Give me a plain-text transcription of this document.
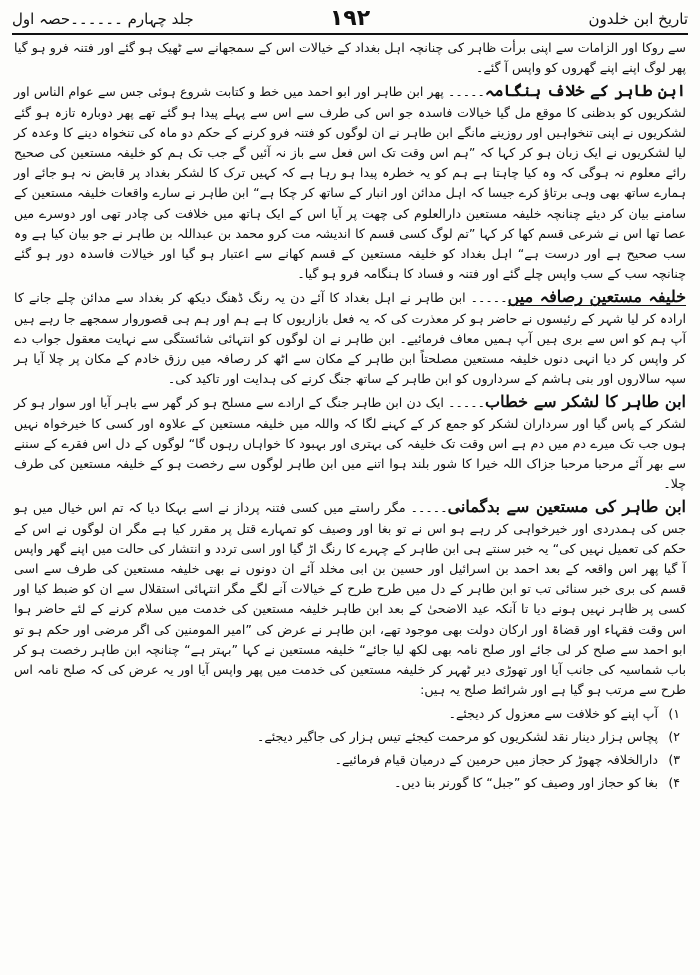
تاریخ ابن خلدون
۱۹۲
جلد چہارم ۔۔۔۔۔۔حصہ اول

سے روکا اور الزامات سے اپنی برأت ظاہر کی چنانچہ اہل بغداد کے خیالات اس کے سمجھانے سے ٹھیک ہو گئے اور فتنہ فرو ہو گیا پھر لوگ اپنے اپنے گھروں کو واپس آ گئے۔

ابن طاہر کے خلاف ہنگامہ۔۔۔۔۔ پھر ابن طاہر اور ابو احمد میں خط و کتابت شروع ہوئی جس سے عوام الناس اور لشکریوں کو بدظنی کا موقع مل گیا خیالات فاسدہ جو اس کی طرف سے اس سے پہلے پیدا ہو گئے تھے پھر دوبارہ تازہ ہو گئے لشکریوں نے اپنی تنخواہیں اور روزینے مانگے ابن طاہر نے ان لوگوں کو فتنہ فرو کرنے کے حکم دو ماہ کی تنخواہ دینے کا وعدہ کر لیا لشکریوں نے ایک زبان ہو کر کہا کہ ”ہم اس وقت تک اس فعل سے باز نہ آئیں گے جب تک ہم کو خلیفہ مستعین کی صحیح رائے معلوم نہ ہوگی کہ وہ کیا چاہتا ہے ہم کو یہ خطرہ پیدا ہو رہا ہے کہ کہیں ترک کا لشکر بغداد پر قابض نہ ہو جائے اور ہمارے ساتھ بھی وہی برتاؤ کرے جیسا کہ اہل مدائن اور انبار کے ساتھ کر چکا ہے“ ابن طاہر نے سارے واقعات خلیفہ مستعین کے سامنے بیان کر دیئے چنانچہ خلیفہ مستعین دارالعلوم کی چھت پر آیا اس کے ایک ہاتھ میں خلافت کی چادر تھی اور دوسرے میں عصا تھا اس نے شرعی قسم کھا کر کہا ”تم لوگ کسی قسم کا اندیشہ مت کرو محمد بن عبداللہ بن طاہر نے جو بیان کیا ہے وہ سب صحیح ہے اور درست ہے“ اہل بغداد کو خلیفہ مستعین کے قسم کھانے سے اعتبار ہو گیا اور خیالات فاسدہ دور ہو گئے چنانچہ سب کے سب واپس چلے گئے اور فتنہ و فساد کا ہنگامہ فرو ہو گیا۔

خلیفہ مستعین رصافہ میں۔۔۔۔۔ ابن طاہر نے اہل بغداد کا آئے دن یہ رنگ ڈھنگ دیکھ کر بغداد سے مدائن چلے جانے کا ارادہ کر لیا شہر کے رئیسوں نے حاضر ہو کر معذرت کی کہ یہ فعل بازاریوں کا ہے ہم اور ہم ہی قصوروار سمجھے جا رہے ہیں آپ ہم کو اس سے بری ہیں آپ ہمیں معاف فرمائیے۔ ابن طاہر نے ان لوگوں کو انتہائی شائستگی سے نہایت معقول جواب دے کر واپس کر دیا انہی دنوں خلیفہ مستعین مصلحتاً ابن طاہر کے مکان سے اٹھ کر رصافہ میں رزق خادم کے مکان پر چلا آیا ہر سپہ سالاروں اور بنی ہاشم کے سرداروں کو ابن طاہر کے ساتھ جنگ کرنے کی ہدایت اور تاکید کی۔

ابن طاہر کا لشکر سے خطاب۔۔۔۔۔ ایک دن ابن طاہر جنگ کے ارادے سے مسلح ہو کر گھر سے باہر آیا اور سوار ہو کر لشکر کے پاس گیا اور سرداران لشکر کو جمع کر کے کہنے لگا کہ واللہ میں خلیفہ مستعین کے علاوہ اور کسی کا خیرخواہ نہیں ہوں جب تک میرے دم میں دم ہے اس وقت تک خلیفہ کی بہتری اور بہبود کا خواہاں رہوں گا“ لوگوں کے دل اس فقرے کے سننے سے بھر آئے مرحبا مرحبا جزاک اللہ خیرا کا شور بلند ہوا اتنے میں ابن طاہر لوگوں سے رخصت ہو کے خلیفہ مستعین کی طرف چلا۔

ابن طاہر کی مستعین سے بدگمانی۔۔۔۔۔ مگر راستے میں کسی فتنہ پرداز نے اسے بہکا دیا کہ تم اس خیال میں ہو جس کی ہمدردی اور خیرخواہی کر رہے ہو اس نے تو بغا اور وصیف کو تمہارے قتل پر مقرر کیا ہے مگر ان لوگوں نے اس کے حکم کی تعمیل نہیں کی“ یہ خبر سنتے ہی ابن طاہر کے چہرے کا رنگ اڑ گیا اور اسی تردد و انتشار کی حالت میں اپنے گھر واپس آ گیا پھر اس واقعہ کے بعد احمد بن اسرائیل اور حسین بن ابی مخلد آئے ان دونوں نے بھی خلیفہ مستعین کی طرف سے اسی قسم کی بری خبر سنائی تب تو ابن طاہر کے دل میں طرح طرح کے خیالات آنے لگے مگر انتہائی استقلال سے ان کو ضبط کیا اور کسی پر ظاہر نہیں ہونے دیا تا آنکہ عید الاضحیٰ کے بعد ابن طاہر خلیفہ مستعین کی خدمت میں سلام کرنے کے لئے حاضر ہوا اس وقت فقہاء اور قضاۃ اور ارکان دولت بھی موجود تھے، ابن طاہر نے عرض کی ”امیر المومنین کی اگر مرضی اور حکم ہو تو ابو احمد سے صلح کر لی جائے اور صلح نامہ بھی لکھ لیا جائے“ خلیفہ مستعین نے کہا ”بہتر ہے“ چنانچہ ابن طاہر رخصت ہو کر باب شماسیہ کی جانب آیا اور تھوڑی دیر ٹھہر کر خلیفہ مستعین کی خدمت میں پھر واپس آیا اور یہ عرض کی کہ صلح نامہ اس طرح سے مرتب ہو گیا ہے اور شرائط صلح یہ ہیں:

۱)آپ اپنے کو خلافت سے معزول کر دیجئے۔

۲)پچاس ہزار دینار نقد لشکریوں کو مرحمت کیجئے تیس ہزار کی جاگیر دیجئے۔

۳)دارالخلافہ چھوڑ کر حجاز میں حرمین کے درمیان قیام فرمائیے۔

۴)بغا کو حجاز اور وصیف کو ”جبل“ کا گورنر بنا دیں۔
